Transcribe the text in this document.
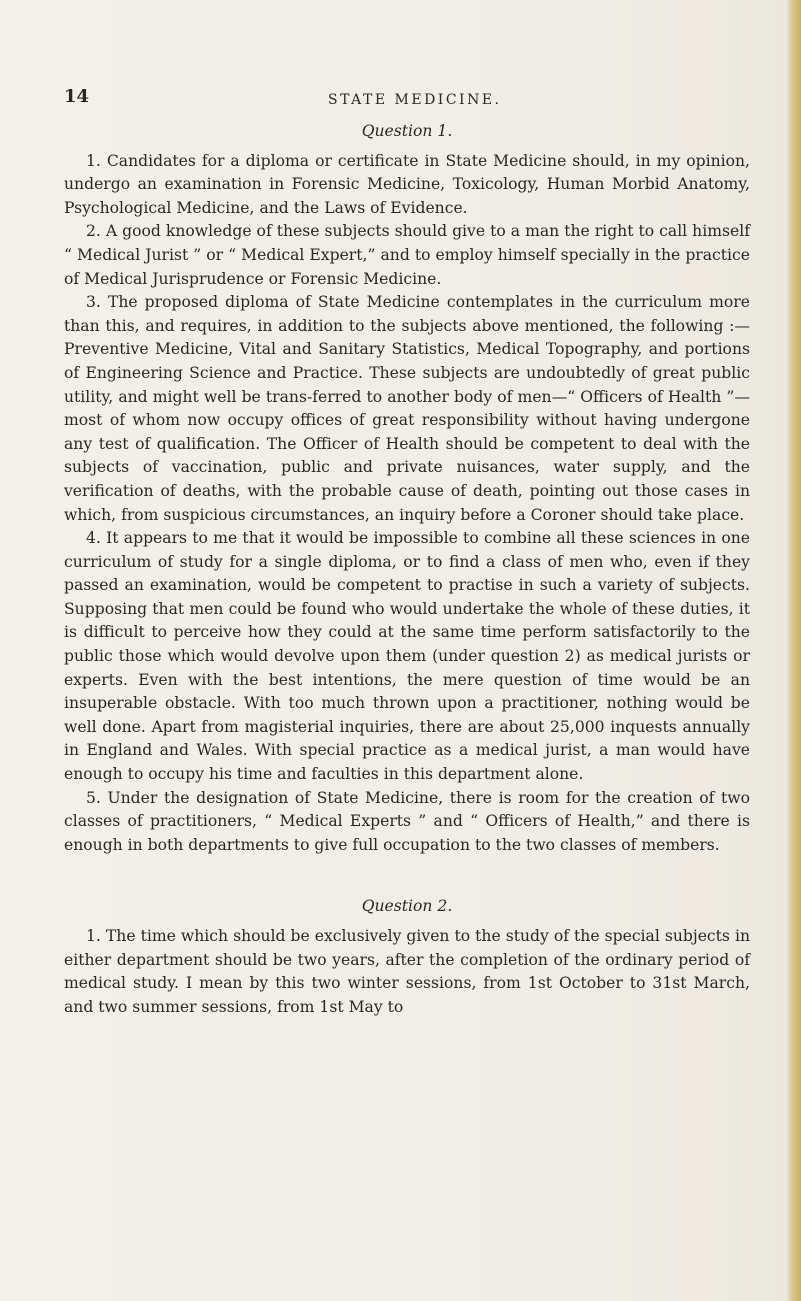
14	STATE MEDICINE.
Question 1.

1. Candidates for a diploma or certificate in State Medicine should, in my opinion, undergo an examination in Forensic Medicine, Toxicology, Human Morbid Anatomy, Psychological Medicine, and the Laws of Evidence.

2. A good knowledge of these subjects should give to a man the right to call himself “ Medical Jurist ” or “ Medical Expert,” and to employ himself specially in the practice of Medical Jurisprudence or Forensic Medicine.

3. The proposed diploma of State Medicine contemplates in the curriculum more than this, and requires, in addition to the subjects above mentioned, the following :—Preventive Medicine, Vital and Sanitary Statistics, Medical Topography, and portions of Engineering Science and Practice. These subjects are undoubtedly of great public utility, and might well be trans-ferred to another body of men—“ Officers of Health ”—most of whom now occupy offices of great responsibility without having undergone any test of qualification. The Officer of Health should be competent to deal with the subjects of vaccination, public and private nuisances, water supply, and the verification of deaths, with the probable cause of death, pointing out those cases in which, from suspicious circumstances, an inquiry before a Coroner should take place.

4. It appears to me that it would be impossible to combine all these sciences in one curriculum of study for a single diploma, or to find a class of men who, even if they passed an examination, would be competent to practise in such a variety of subjects. Supposing that men could be found who would undertake the whole of these duties, it is difficult to perceive how they could at the same time perform satisfactorily to the public those which would devolve upon them (under question 2) as medical jurists or experts. Even with the best intentions, the mere question of time would be an insuperable obstacle. With too much thrown upon a practitioner, nothing would be well done. Apart from magisterial inquiries, there are about 25,000 inquests annually in England and Wales. With special practice as a medical jurist, a man would have enough to occupy his time and faculties in this department alone.

5. Under the designation of State Medicine, there is room for the creation of two classes of practitioners, “ Medical Experts ” and “ Officers of Health,” and there is enough in both departments to give full occupation to the two classes of members.

Question 2.

1. The time which should be exclusively given to the study of the special subjects in either department should be two years, after the completion of the ordinary period of medical study. I mean by this two winter sessions, from 1st October to 31st March, and two summer sessions, from 1st May to
